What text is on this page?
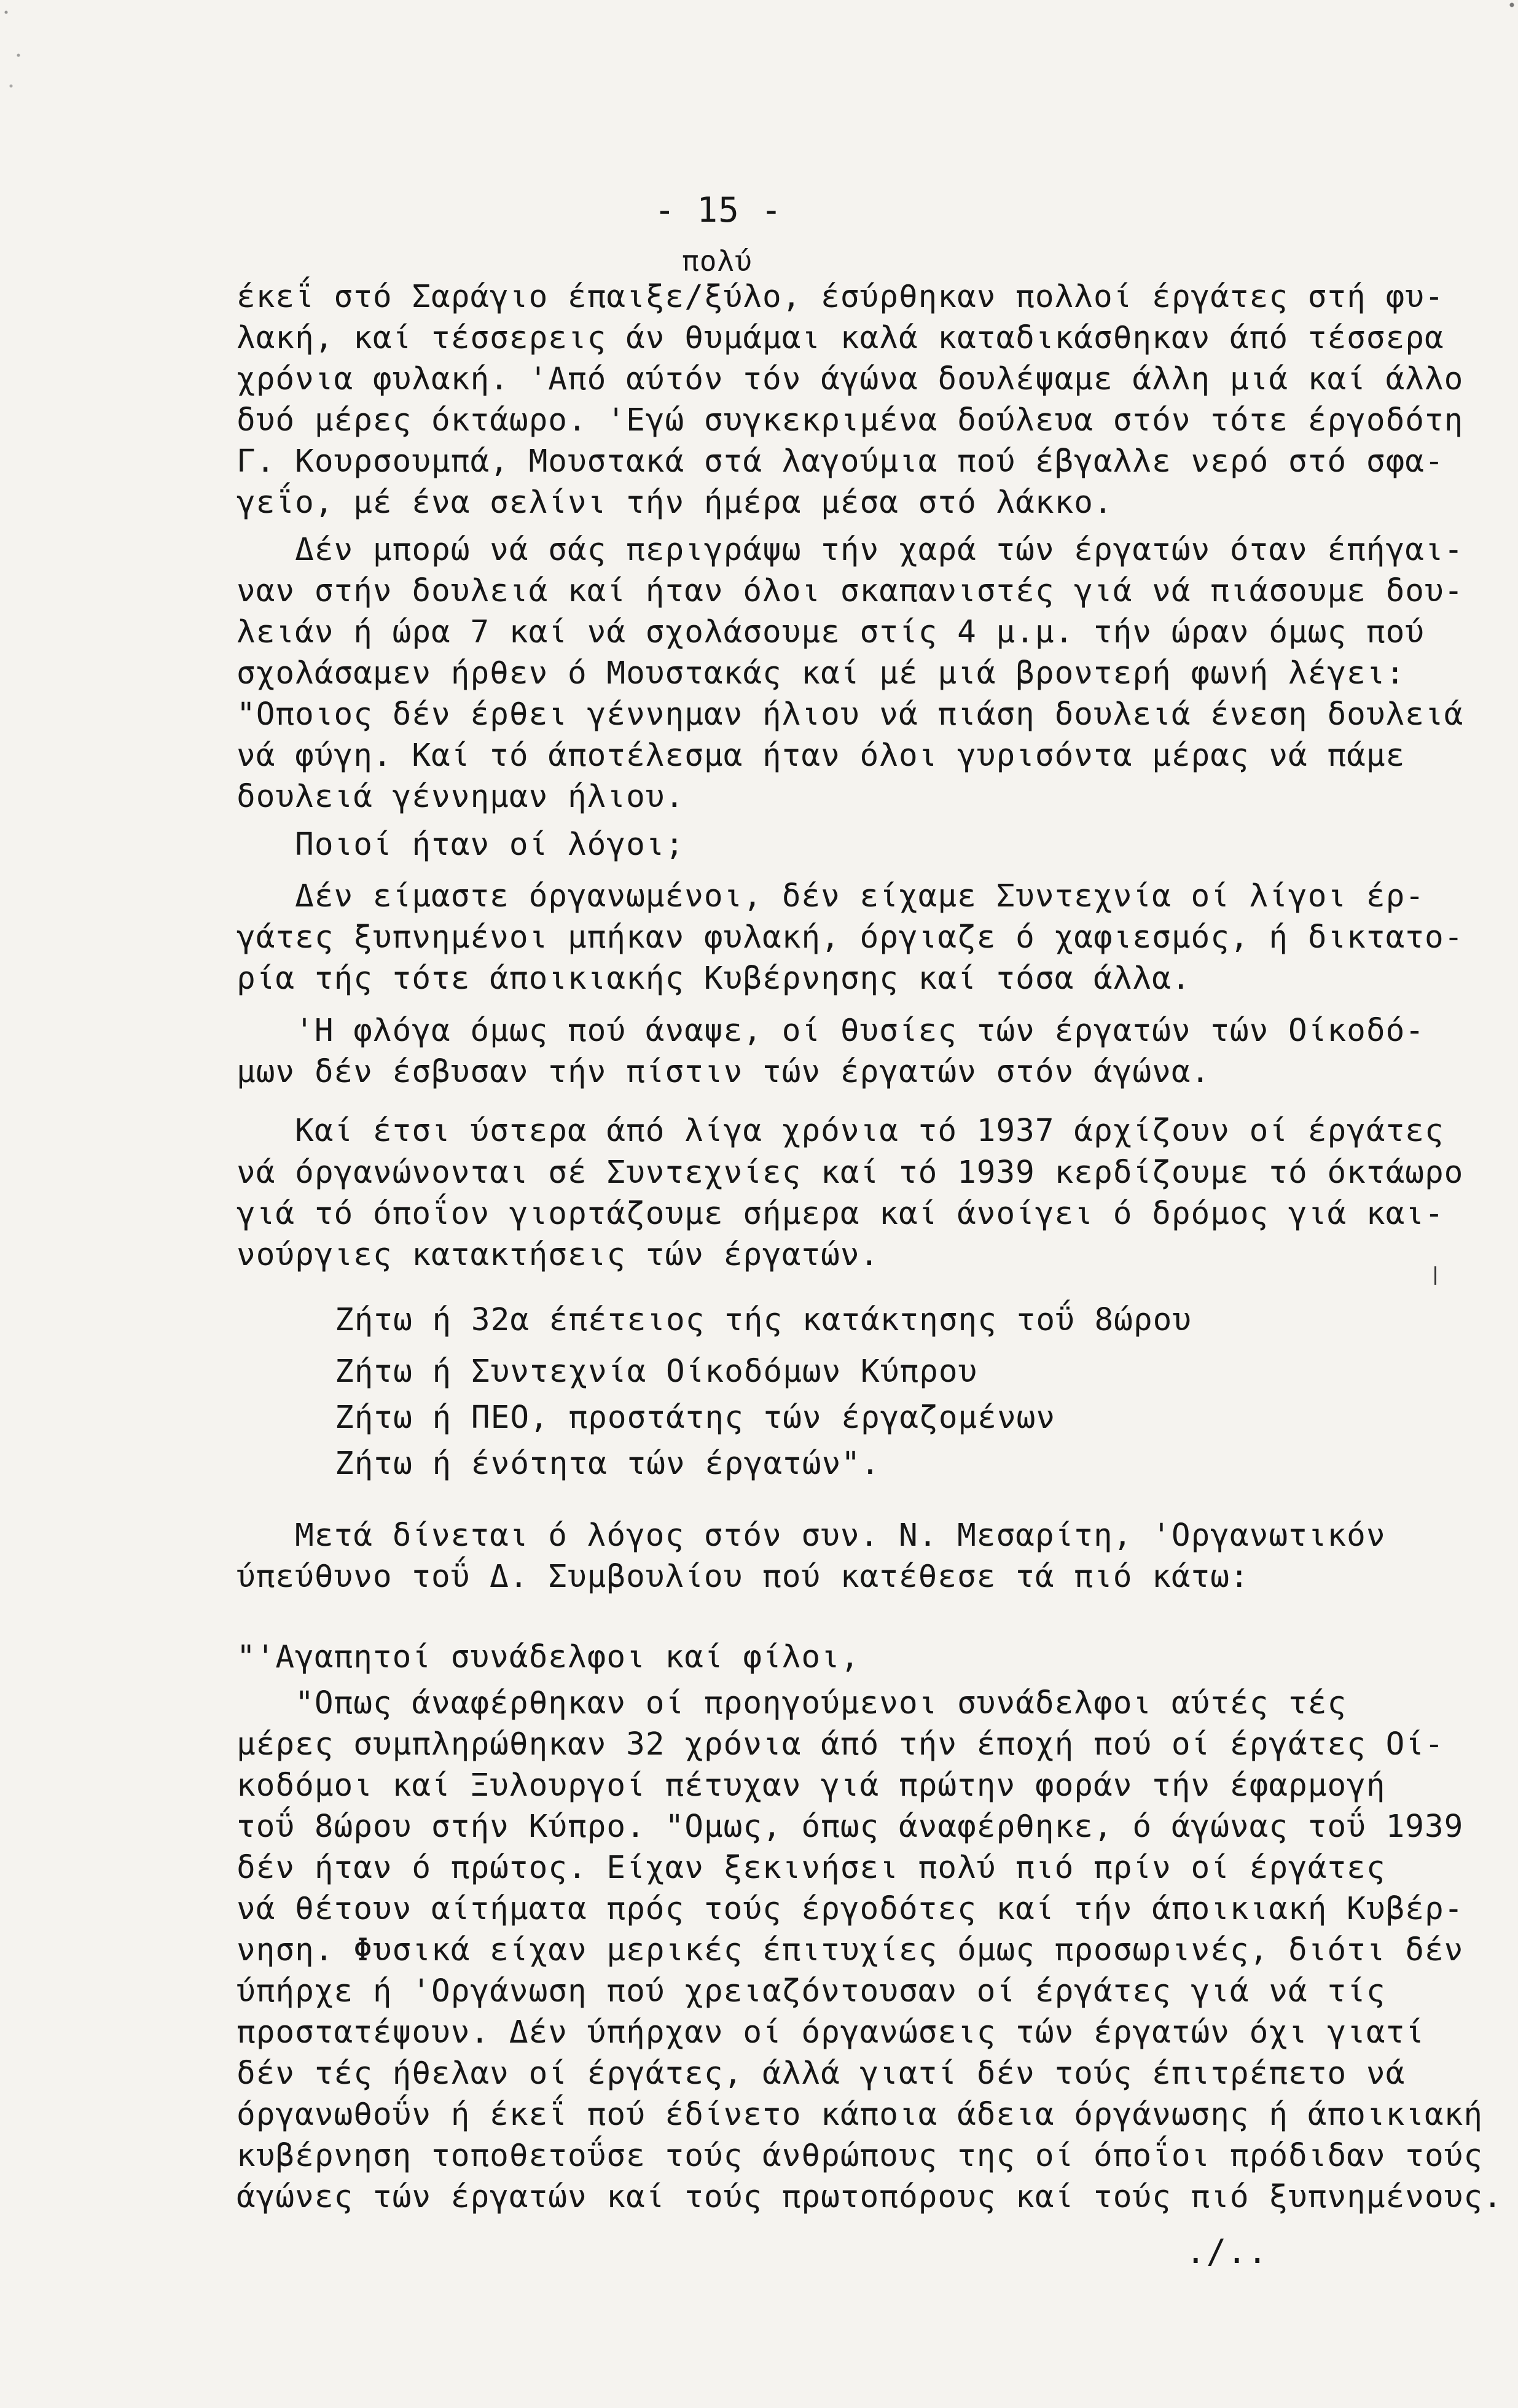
- 15 -
πολύ
έκεΐ στό Σαράγιο έπαιξε/ξύλο, έσύρθηκαν πολλοί έργάτες στή φυ-
λακή, καί τέσσερεις άν θυμάμαι καλά καταδικάσθηκαν άπό τέσσερα
χρόνια φυλακή. 'Από αύτόν τόν άγώνα δουλέψαμε άλλη μιά καί άλλο
δυό μέρες όκτάωρο. 'Εγώ συγκεκριμένα δούλευα στόν τότε έργοδότη
Γ. Κουρσουμπά, Μουστακά στά λαγούμια πού έβγαλλε νερό στό σφα-
γεΐο, μέ ένα σελίνι τήν ήμέρα μέσα στό λάκκο.
Δέν μπορώ νά σάς περιγράψω τήν χαρά τών έργατών όταν έπήγαι-
ναν στήν δουλειά καί ήταν όλοι σκαπανιστές γιά νά πιάσουμε δου-
λειάν ή ώρα 7 καί νά σχολάσουμε στίς 4 μ.μ. τήν ώραν όμως πού
σχολάσαμεν ήρθεν ό Μουστακάς καί μέ μιά βροντερή φωνή λέγει:
"Οποιος δέν έρθει γέννημαν ήλιου νά πιάση δουλειά ένεση δουλειά
νά φύγη. Καί τό άποτέλεσμα ήταν όλοι γυρισόντα μέρας νά πάμε
δουλειά γέννημαν ήλιου.
Ποιοί ήταν οί λόγοι;
Δέν είμαστε όργανωμένοι, δέν είχαμε Συντεχνία οί λίγοι έρ-
γάτες ξυπνημένοι μπήκαν φυλακή, όργιαζε ό χαφιεσμός, ή δικτατο-
ρία τής τότε άποικιακής Κυβέρνησης καί τόσα άλλα.
'Η φλόγα όμως πού άναψε, οί θυσίες τών έργατών τών Οίκοδό-
μων δέν έσβυσαν τήν πίστιν τών έργατών στόν άγώνα.
Καί έτσι ύστερα άπό λίγα χρόνια τό 1937 άρχίζουν οί έργάτες
νά όργανώνονται σέ Συντεχνίες καί τό 1939 κερδίζουμε τό όκτάωρο
γιά τό όποΐον γιορτάζουμε σήμερα καί άνοίγει ό δρόμος γιά και-
νούργιες κατακτήσεις τών έργατών.
Ζήτω ή 32α έπέτειος τής κατάκτησης τοΰ 8ώρου
Ζήτω ή Συντεχνία Οίκοδόμων Κύπρου
Ζήτω ή ΠΕΟ, προστάτης τών έργαζομένων
Ζήτω ή ένότητα τών έργατών".
Μετά δίνεται ό λόγος στόν συν. Ν. Μεσαρίτη, 'Οργανωτικόν
ύπεύθυνο τοΰ Δ. Συμβουλίου πού κατέθεσε τά πιό κάτω:
"'Αγαπητοί συνάδελφοι καί φίλοι,
"Οπως άναφέρθηκαν οί προηγούμενοι συνάδελφοι αύτές τές
μέρες συμπληρώθηκαν 32 χρόνια άπό τήν έποχή πού οί έργάτες Οί-
κοδόμοι καί Ξυλουργοί πέτυχαν γιά πρώτην φοράν τήν έφαρμογή
τοΰ 8ώρου στήν Κύπρο. "Ομως, όπως άναφέρθηκε, ό άγώνας τοΰ 1939
δέν ήταν ό πρώτος. Είχαν ξεκινήσει πολύ πιό πρίν οί έργάτες
νά θέτουν αίτήματα πρός τούς έργοδότες καί τήν άποικιακή Κυβέρ-
νηση. Φυσικά είχαν μερικές έπιτυχίες όμως προσωρινές, διότι δέν
ύπήρχε ή 'Οργάνωση πού χρειαζόντουσαν οί έργάτες γιά νά τίς
προστατέψουν. Δέν ύπήρχαν οί όργανώσεις τών έργατών όχι γιατί
δέν τές ήθελαν οί έργάτες, άλλά γιατί δέν τούς έπιτρέπετο νά
όργανωθοΰν ή έκεΐ πού έδίνετο κάποια άδεια όργάνωσης ή άποικιακή
κυβέρνηση τοποθετοΰσε τούς άνθρώπους της οί όποΐοι πρόδιδαν τούς
άγώνες τών έργατών καί τούς πρωτοπόρους καί τούς πιό ξυπνημένους.
./..
